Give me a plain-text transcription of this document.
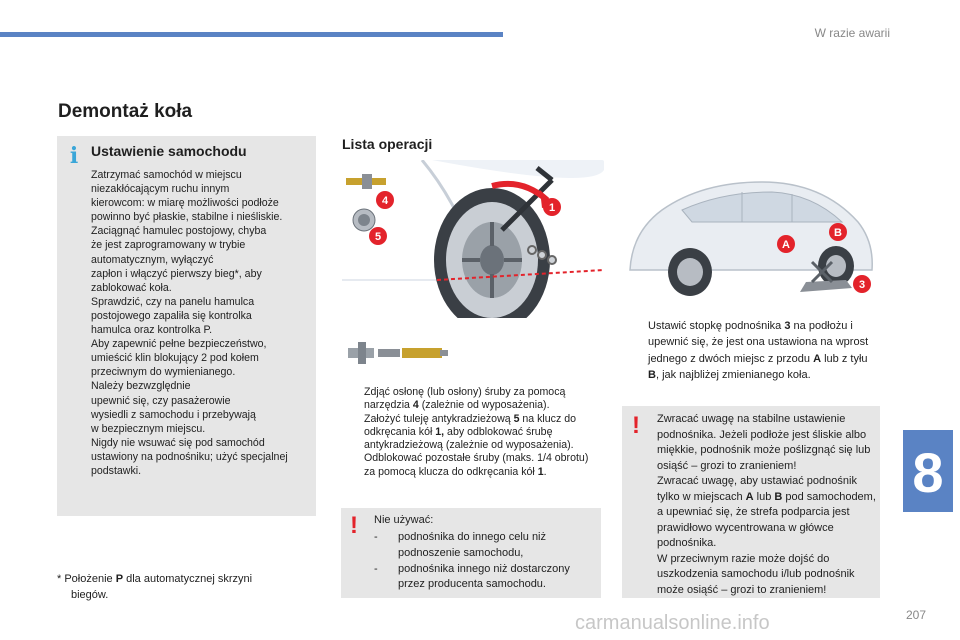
W razie awarii
Demontaż koła
i Ustawienie samochodu
Zatrzymać samochód w miejscu
niezakłócającym ruchu innym
kierowcom: w miarę możliwości podłoże
powinno być płaskie, stabilne i nieśliskie.
Zaciągnąć hamulec postojowy, chyba
że jest zaprogramowany w trybie
automatycznym, wyłączyć
zapłon i włączyć pierwszy bieg*, aby
zablokować koła.
Sprawdzić, czy na panelu hamulca
postojowego zapaliła się kontrolka
hamulca oraz kontrolka P.
Aby zapewnić pełne bezpieczeństwo,
umieścić klin blokujący 2 pod kołem
przeciwnym do wymienianego.
Należy bezwzględnie
upewnić się, czy pasażerowie
wysiedli z samochodu i przebywają
w bezpiecznym miejscu.
Nigdy nie wsuwać się pod samochód
ustawiony na podnośniku; użyć specjalnej
podstawki.
* Położenie P dla automatycznej skrzyni
biegów.
Lista operacji
1
4
5
Zdjąć osłonę (lub osłony) śruby za pomocą narzędzia 4 (zależnie od wyposażenia).
Założyć tuleję antykradzieżową 5 na klucz do odkręcania kół 1, aby odblokować śrubę antykradzieżową (zależnie od wyposażenia).
Odblokować pozostałe śruby (maks. 1/4 obrotu) za pomocą klucza do odkręcania kół 1.
! Nie używać:
- podnośnika do innego celu niż podnoszenie samochodu,
- podnośnika innego niż dostarczony przez producenta samochodu.
A
B
3
Ustawić stopkę podnośnika 3 na podłożu i upewnić się, że jest ona ustawiona na wprost jednego z dwóch miejsc z przodu A lub z tyłu B, jak najbliżej zmienianego koła.
! Zwracać uwagę na stabilne ustawienie podnośnika. Jeżeli podłoże jest śliskie albo miękkie, podnośnik może poślizgnąć się lub osiąść – grozi to zranieniem!
Zwracać uwagę, aby ustawiać podnośnik tylko w miejscach A lub B pod samochodem, a upewniać się, że strefa podparcia jest prawidłowo wycentrowana w główce podnośnika.
W przeciwnym razie może dojść do uszkodzenia samochodu i/lub podnośnik może osiąść – grozi to zranieniem!
8
carmanualsonline.info	207
